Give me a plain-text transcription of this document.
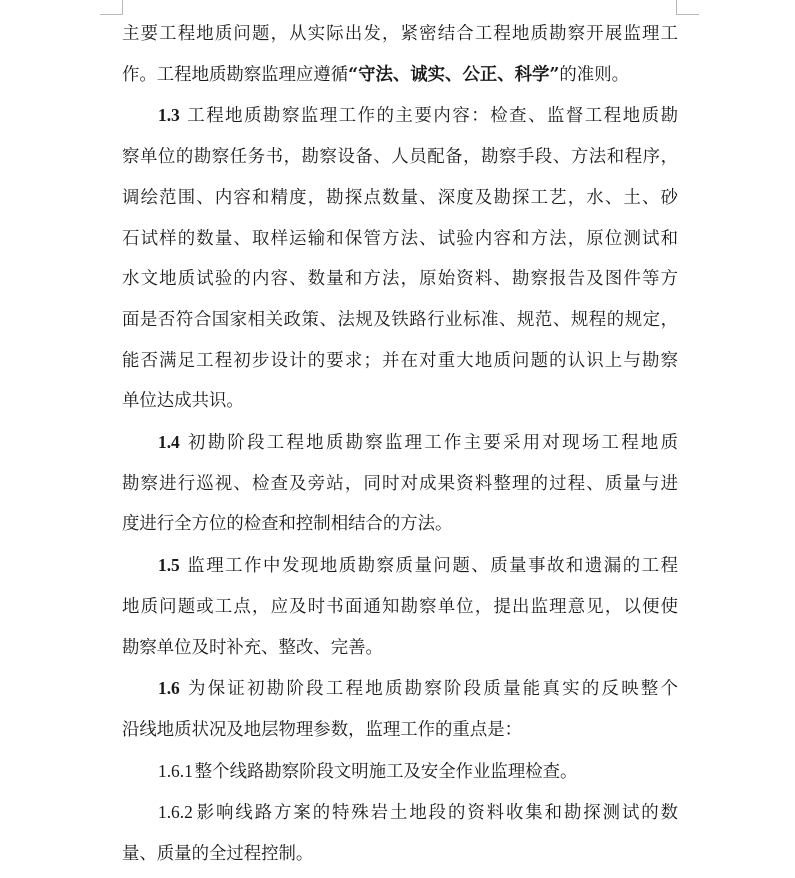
主要工程地质问题，从实际出发，紧密结合工程地质勘察开展监理工
作。工程地质勘察监理应遵循“守法、诚实、公正、科学”的准则。

1.3 工程地质勘察监理工作的主要内容：检查、监督工程地质勘
察单位的勘察任务书，勘察设备、人员配备，勘察手段、方法和程序，
调绘范围、内容和精度，勘探点数量、深度及勘探工艺，水、土、砂
石试样的数量、取样运输和保管方法、试验内容和方法，原位测试和
水文地质试验的内容、数量和方法，原始资料、勘察报告及图件等方
面是否符合国家相关政策、法规及铁路行业标准、规范、规程的规定，
能否满足工程初步设计的要求；并在对重大地质问题的认识上与勘察
单位达成共识。

1.4 初勘阶段工程地质勘察监理工作主要采用对现场工程地质
勘察进行巡视、检查及旁站，同时对成果资料整理的过程、质量与进
度进行全方位的检查和控制相结合的方法。

1.5 监理工作中发现地质勘察质量问题、质量事故和遗漏的工程
地质问题或工点，应及时书面通知勘察单位，提出监理意见，以便使
勘察单位及时补充、整改、完善。

1.6 为保证初勘阶段工程地质勘察阶段质量能真实的反映整个
沿线地质状况及地层物理参数，监理工作的重点是：

1.6.1 整个线路勘察阶段文明施工及安全作业监理检查。

1.6.2 影响线路方案的特殊岩土地段的资料收集和勘探测试的数
量、质量的全过程控制。
